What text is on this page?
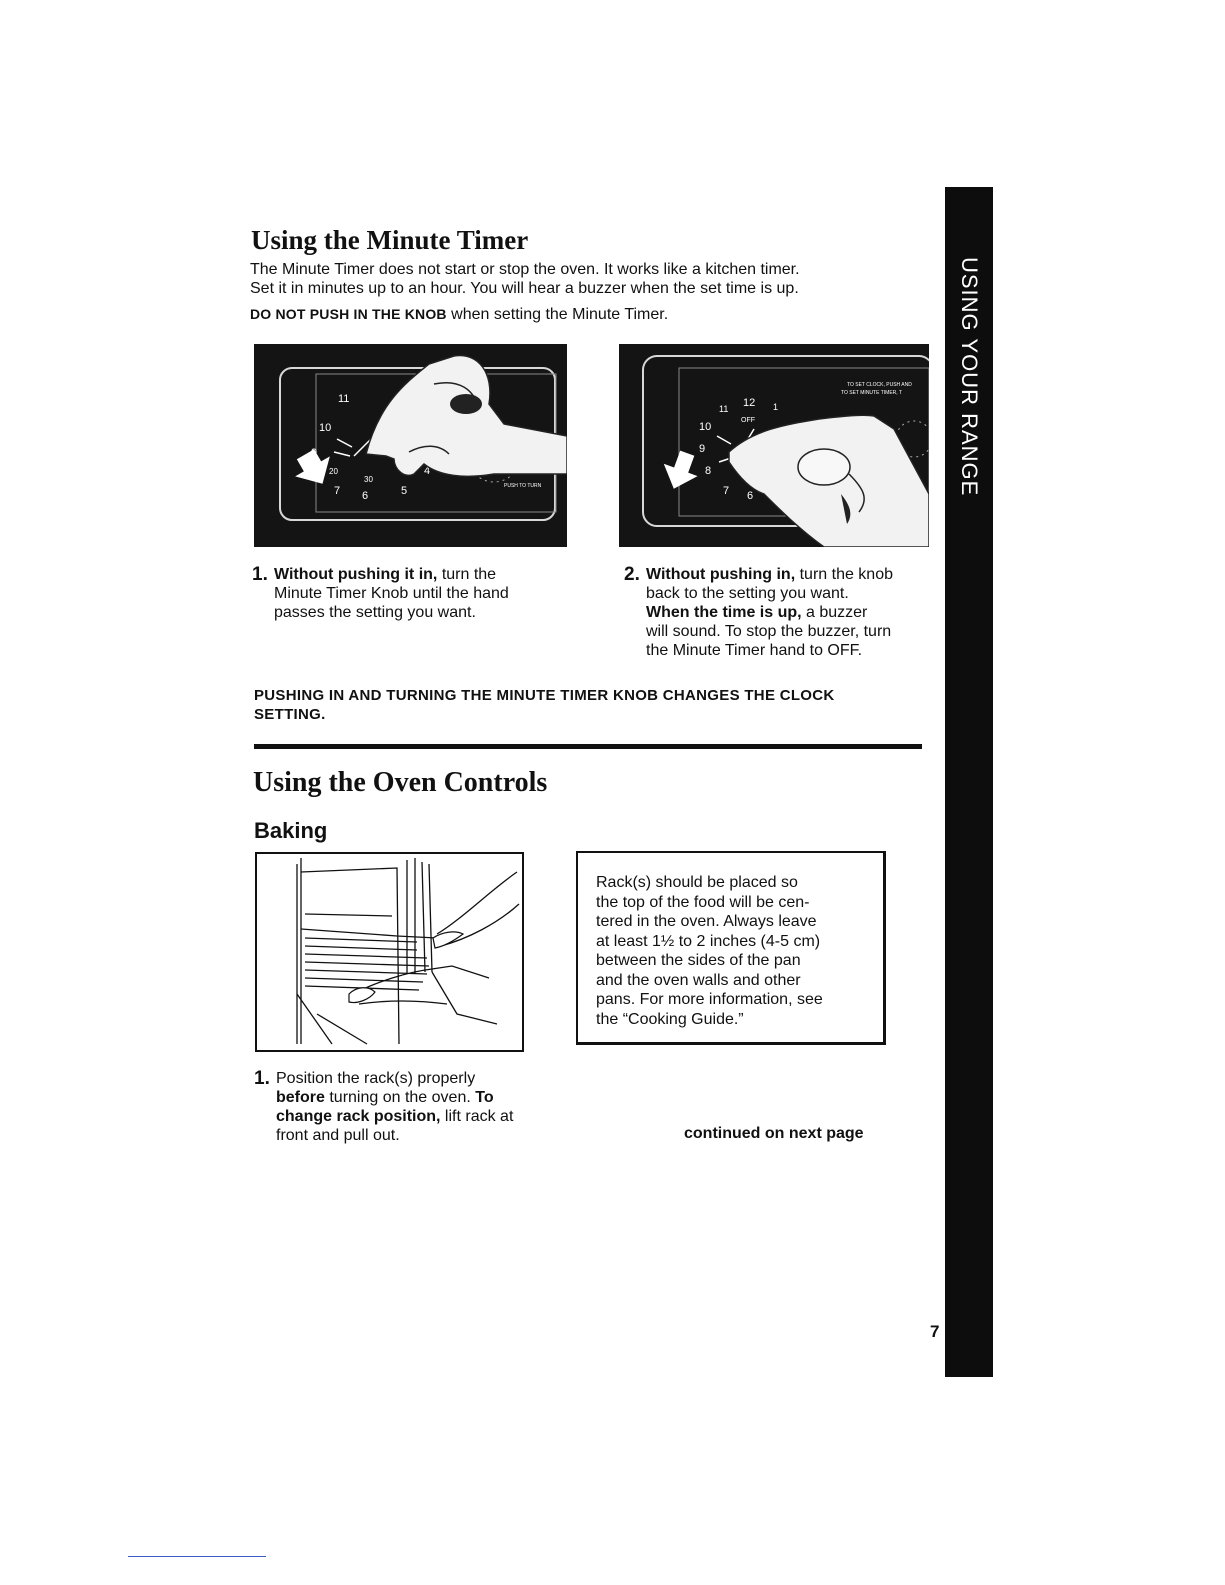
USING YOUR RANGE
7
Using the Minute Timer
The Minute Timer does not start or stop the oven. It works like a kitchen timer.
Set it in minutes up to an hour. You will hear a buzzer when the set time is up.
DO NOT PUSH IN THE KNOB when setting the Minute Timer.
11
10
20
30
7 6	5
4
PUSH TO TURN
TO SET CLOCK, PUSH AND
TO SET MINUTE TIMER, T
12
11	1
OFF
10
9
8
7 6
1. Without pushing it in, turn the
Minute Timer Knob until the hand
passes the setting you want.
2. Without pushing in, turn the knob
back to the setting you want.
When the time is up, a buzzer
will sound. To stop the buzzer, turn
the Minute Timer hand to OFF.
PUSHING IN AND TURNING THE MINUTE TIMER KNOB CHANGES THE CLOCK
SETTING.
Using the Oven Controls
Baking
Rack(s) should be placed so
the top of the food will be cen-
tered in the oven. Always leave
at least 1½ to 2 inches (4-5 cm)
between the sides of the pan
and the oven walls and other
pans. For more information, see
the “Cooking Guide.”
1. Position the rack(s) properly
before turning on the oven. To
change rack position, lift rack at
front and pull out.	continued on next page
